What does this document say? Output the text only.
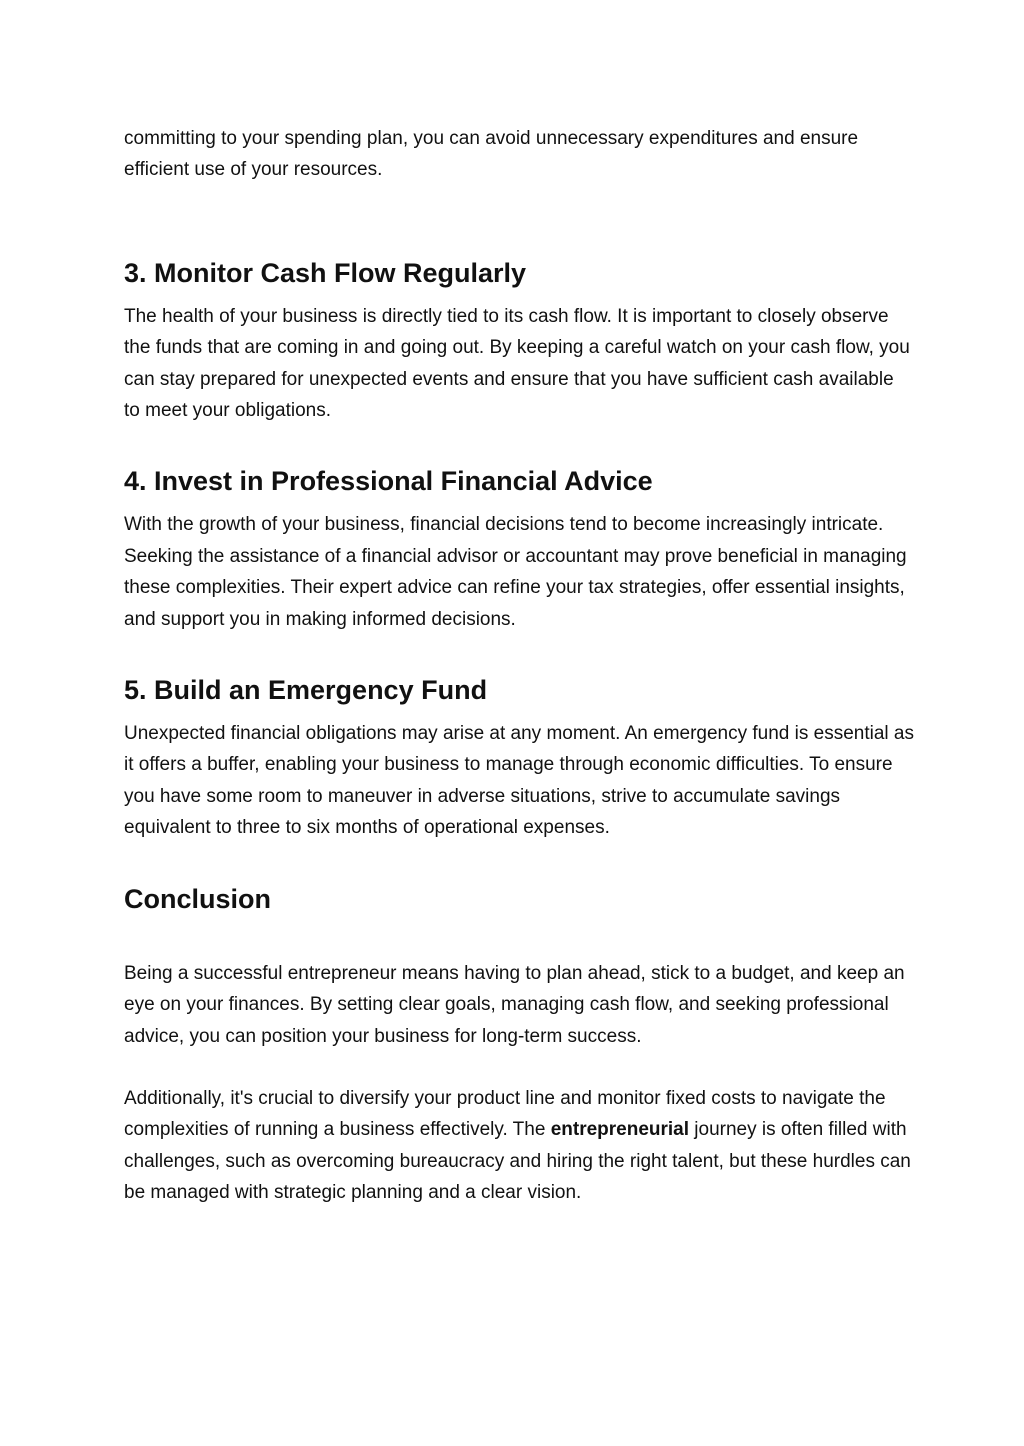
committing to your spending plan, you can avoid unnecessary expenditures and ensure efficient use of your resources.

3. Monitor Cash Flow Regularly

The health of your business is directly tied to its cash flow. It is important to closely observe the funds that are coming in and going out. By keeping a careful watch on your cash flow, you can stay prepared for unexpected events and ensure that you have sufficient cash available to meet your obligations.

4. Invest in Professional Financial Advice

With the growth of your business, financial decisions tend to become increasingly intricate. Seeking the assistance of a financial advisor or accountant may prove beneficial in managing these complexities. Their expert advice can refine your tax strategies, offer essential insights, and support you in making informed decisions.

5. Build an Emergency Fund

Unexpected financial obligations may arise at any moment. An emergency fund is essential as it offers a buffer, enabling your business to manage through economic difficulties. To ensure you have some room to maneuver in adverse situations, strive to accumulate savings equivalent to three to six months of operational expenses.

Conclusion

Being a successful entrepreneur means having to plan ahead, stick to a budget, and keep an eye on your finances. By setting clear goals, managing cash flow, and seeking professional advice, you can position your business for long-term success.

Additionally, it's crucial to diversify your product line and monitor fixed costs to navigate the complexities of running a business effectively. The entrepreneurial journey is often filled with challenges, such as overcoming bureaucracy and hiring the right talent, but these hurdles can be managed with strategic planning and a clear vision.
